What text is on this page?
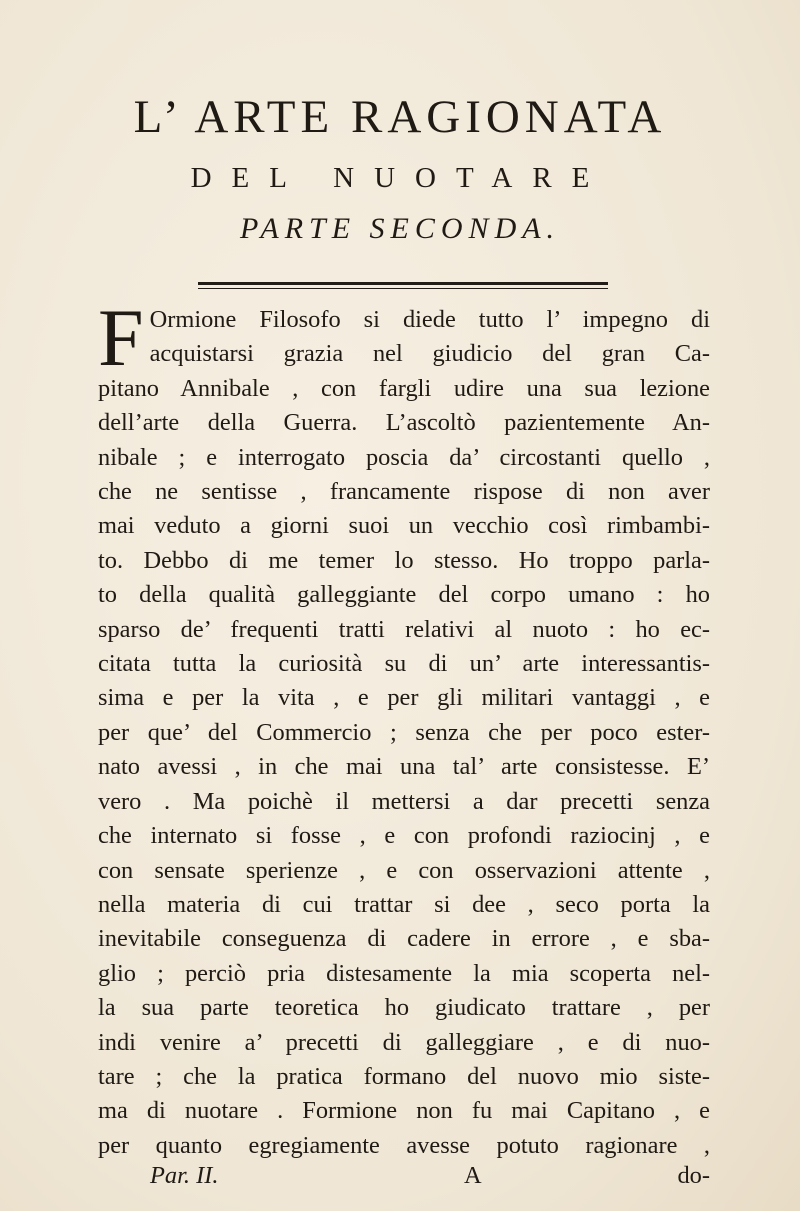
L’ ARTE RAGIONATA
DEL NUOTARE
PARTE SECONDA.
F Ormione Filosofo si diede tutto l’ impegno di
acquistarsi grazia nel giudicio del gran Ca-
pitano Annibale , con fargli udire una sua lezione
dell’arte della Guerra. L’ascoltò pazientemente An-
nibale ; e interrogato poscia da’ circostanti quello ,
che ne sentisse , francamente rispose di non aver
mai veduto a giorni suoi un vecchio così rimbambi-
to. Debbo di me temer lo stesso. Ho troppo parla-
to della qualità galleggiante del corpo umano : ho
sparso de’ frequenti tratti relativi al nuoto : ho ec-
citata tutta la curiosità su di un’ arte interessantis-
sima e per la vita , e per gli militari vantaggi , e
per que’ del Commercio ; senza che per poco ester-
nato avessi , in che mai una tal’ arte consistesse. E’
vero . Ma poichè il mettersi a dar precetti senza
che internato si fosse , e con profondi raziocinj , e
con sensate sperienze , e con osservazioni attente ,
nella materia di cui trattar si dee , seco porta la
inevitabile conseguenza di cadere in errore , e sba-
glio ; perciò pria distesamente la mia scoperta nel-
la sua parte teoretica ho giudicato trattare , per
indi venire a’ precetti di galleggiare , e di nuo-
tare ; che la pratica formano del nuovo mio siste-
ma di nuotare . Formione non fu mai Capitano , e
per quanto egregiamente avesse potuto ragionare ,
Par. II.	A	do-
